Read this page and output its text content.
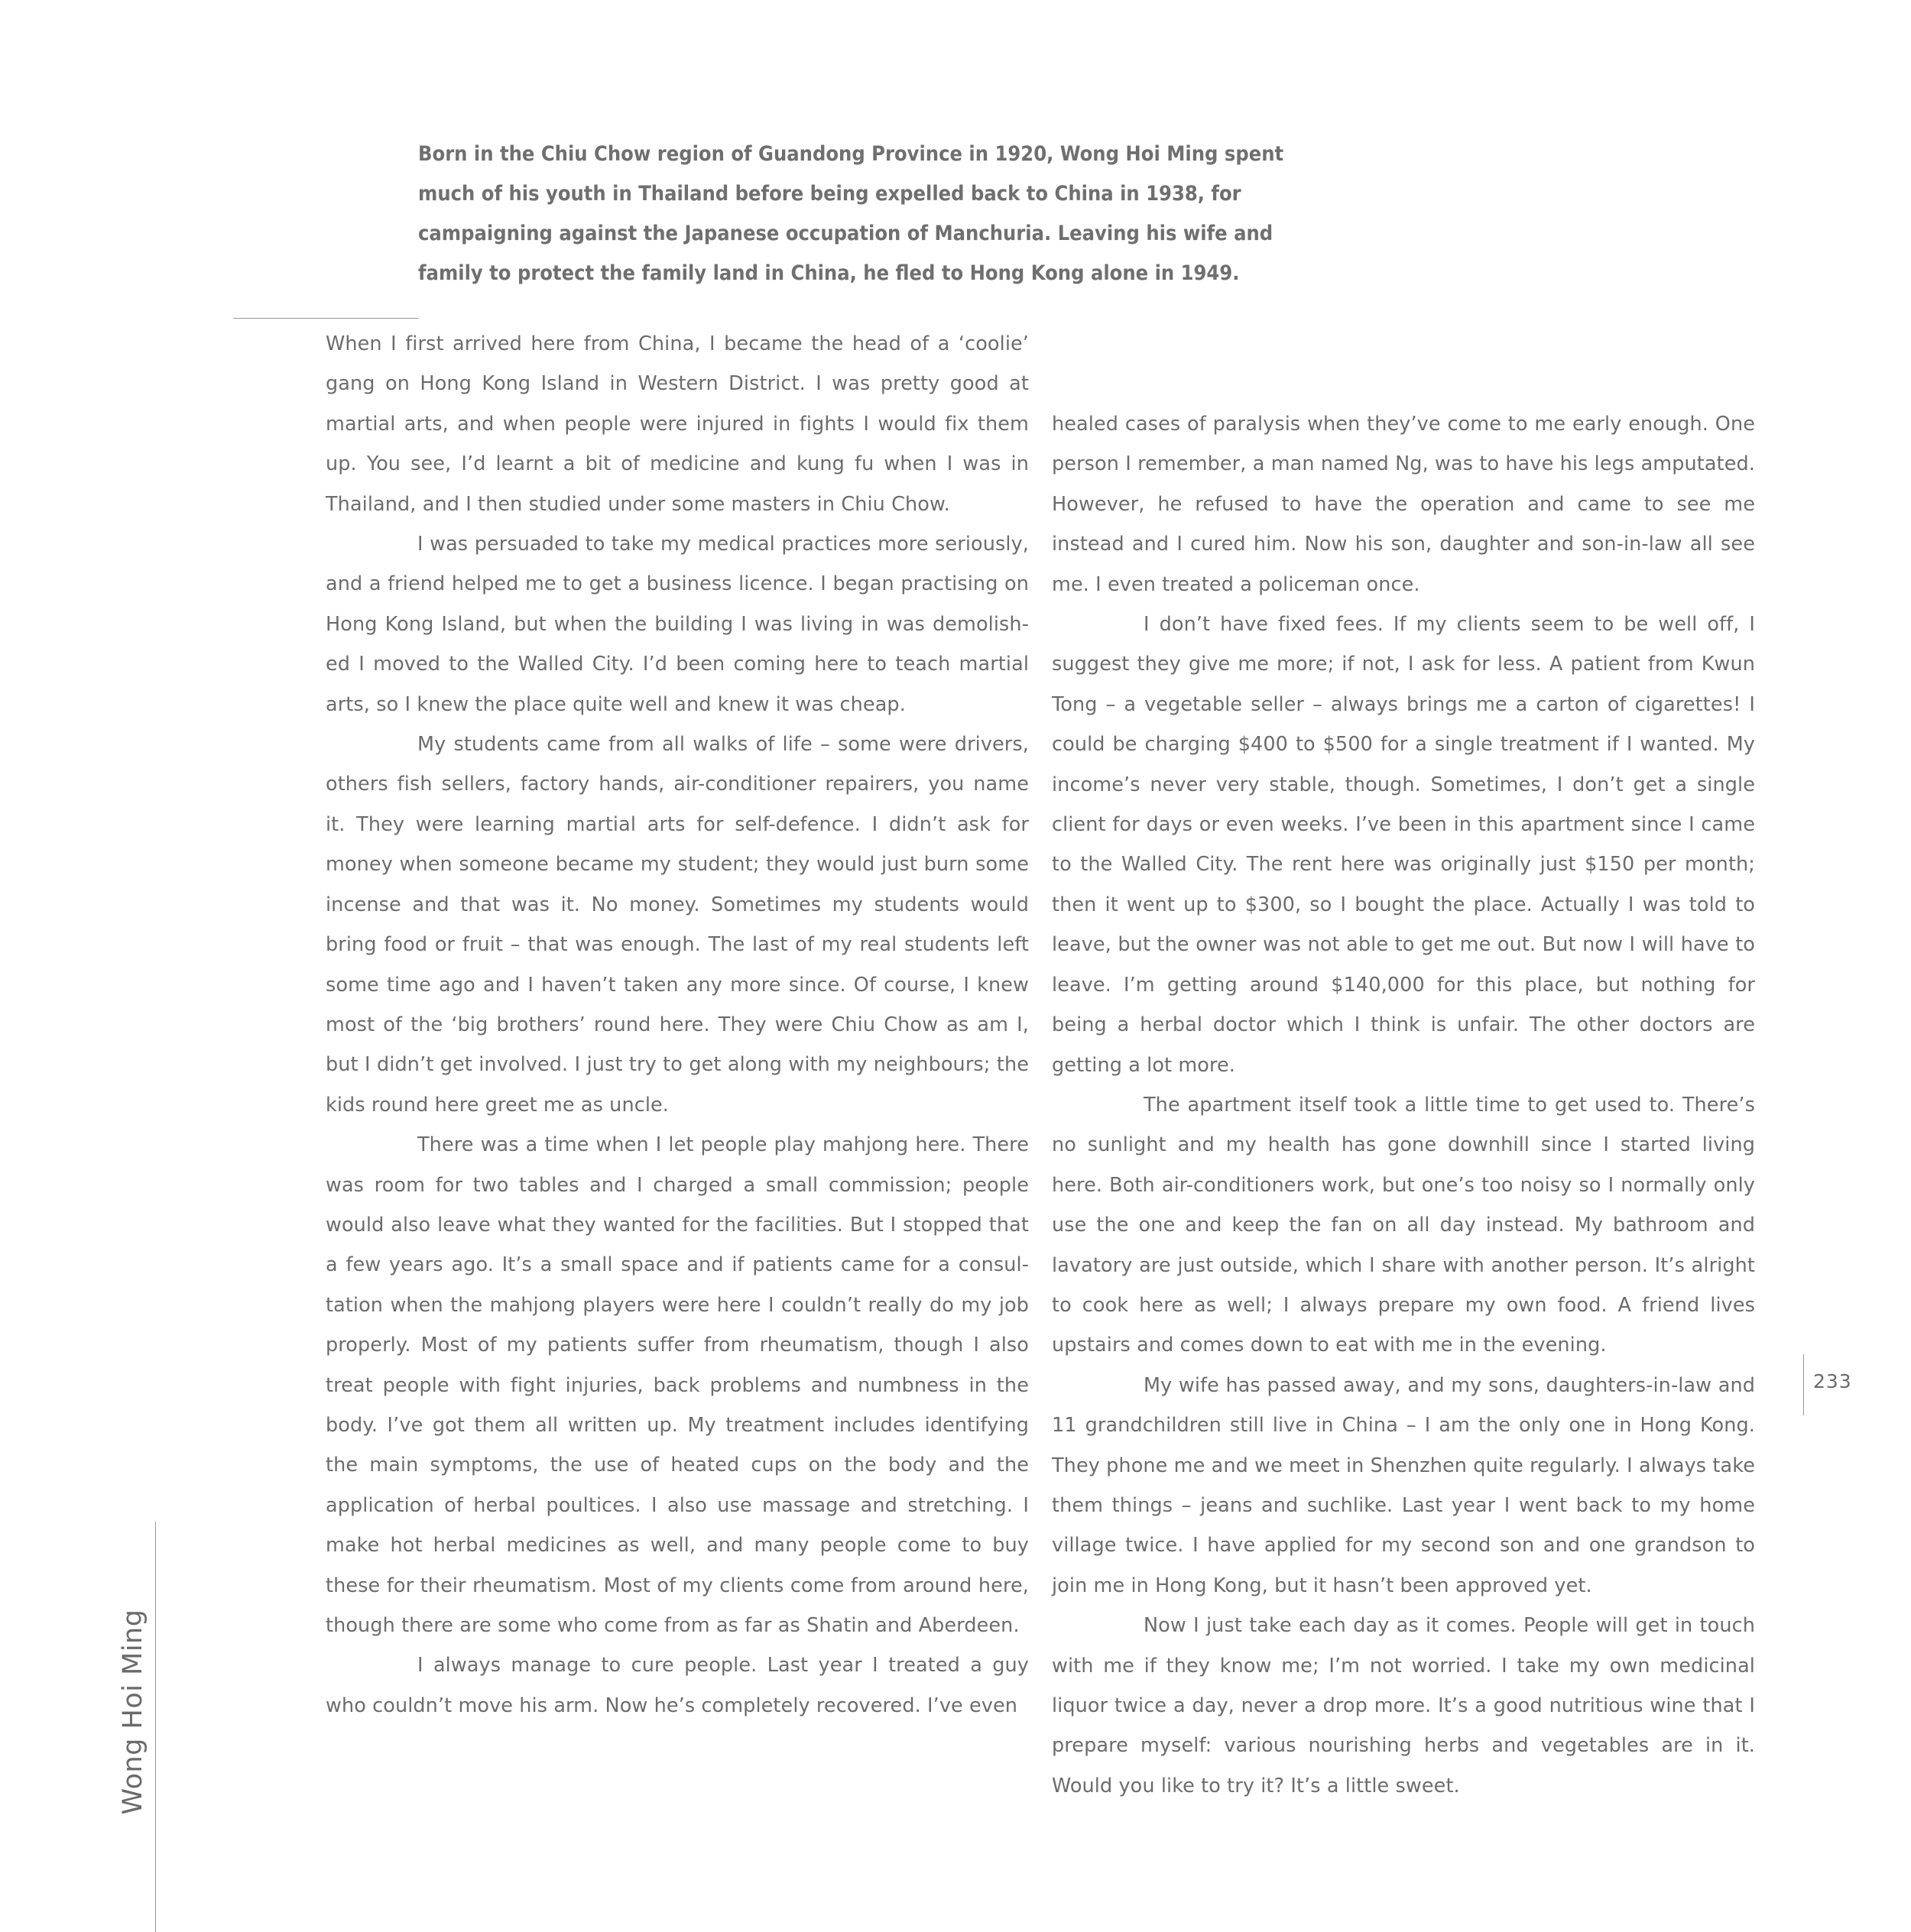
Born in the Chiu Chow region of Guandong Province in 1920, Wong Hoi Ming spent much of his youth in Thailand before being expelled back to China in 1938, for campaigning against the Japanese occupation of Manchuria. Leaving his wife and family to protect the family land in China, he fled to Hong Kong alone in 1949.

When I first arrived here from China, I became the head of a ‘coolie’ gang on Hong Kong Island in Western District. I was pretty good at martial arts, and when people were injured in fights I would fix them up. You see, I’d learnt a bit of medicine and kung fu when I was in Thailand, and I then studied under some masters in Chiu Chow.

I was persuaded to take my medical practices more seriously, and a friend helped me to get a business licence. I began practising on Hong Kong Island, but when the building I was living in was demolish-ed I moved to the Walled City. I’d been coming here to teach martial arts, so I knew the place quite well and knew it was cheap.

My students came from all walks of life – some were drivers, others fish sellers, factory hands, air-conditioner repairers, you name it. They were learning martial arts for self-defence. I didn’t ask for money when someone became my student; they would just burn some incense and that was it. No money. Sometimes my students would bring food or fruit – that was enough. The last of my real students left some time ago and I haven’t taken any more since. Of course, I knew most of the ‘big brothers’ round here. They were Chiu Chow as am I, but I didn’t get involved. I just try to get along with my neighbours; the kids round here greet me as uncle.

There was a time when I let people play mahjong here. There was room for two tables and I charged a small commission; people would also leave what they wanted for the facilities. But I stopped that a few years ago. It’s a small space and if patients came for a consul-tation when the mahjong players were here I couldn’t really do my job properly. Most of my patients suffer from rheumatism, though I also treat people with fight injuries, back problems and numbness in the body. I’ve got them all written up. My treatment includes identifying the main symptoms, the use of heated cups on the body and the application of herbal poultices. I also use massage and stretching. I make hot herbal medicines as well, and many people come to buy these for their rheumatism. Most of my clients come from around here, though there are some who come from as far as Shatin and Aberdeen.

I always manage to cure people. Last year I treated a guy who couldn’t move his arm. Now he’s completely recovered. I’ve even

healed cases of paralysis when they’ve come to me early enough. One person I remember, a man named Ng, was to have his legs amputated. However, he refused to have the operation and came to see me instead and I cured him. Now his son, daughter and son-in-law all see me. I even treated a policeman once.

I don’t have fixed fees. If my clients seem to be well off, I suggest they give me more; if not, I ask for less. A patient from Kwun Tong – a vegetable seller – always brings me a carton of cigarettes! I could be charging $400 to $500 for a single treatment if I wanted. My income’s never very stable, though. Sometimes, I don’t get a single client for days or even weeks. I’ve been in this apartment since I came to the Walled City. The rent here was originally just $150 per month; then it went up to $300, so I bought the place. Actually I was told to leave, but the owner was not able to get me out. But now I will have to leave. I’m getting around $140,000 for this place, but nothing for being a herbal doctor which I think is unfair. The other doctors are getting a lot more.

The apartment itself took a little time to get used to. There’s no sunlight and my health has gone downhill since I started living here. Both air-conditioners work, but one’s too noisy so I normally only use the one and keep the fan on all day instead. My bathroom and lavatory are just outside, which I share with another person. It’s alright to cook here as well; I always prepare my own food. A friend lives upstairs and comes down to eat with me in the evening.

My wife has passed away, and my sons, daughters-in-law and 11 grandchildren still live in China – I am the only one in Hong Kong. They phone me and we meet in Shenzhen quite regularly. I always take them things – jeans and suchlike. Last year I went back to my home village twice. I have applied for my second son and one grandson to join me in Hong Kong, but it hasn’t been approved yet.

Now I just take each day as it comes. People will get in touch with me if they know me; I’m not worried. I take my own medicinal liquor twice a day, never a drop more. It’s a good nutritious wine that I prepare myself: various nourishing herbs and vegetables are in it. Would you like to try it? It’s a little sweet.

Wong Hoi Ming
233
